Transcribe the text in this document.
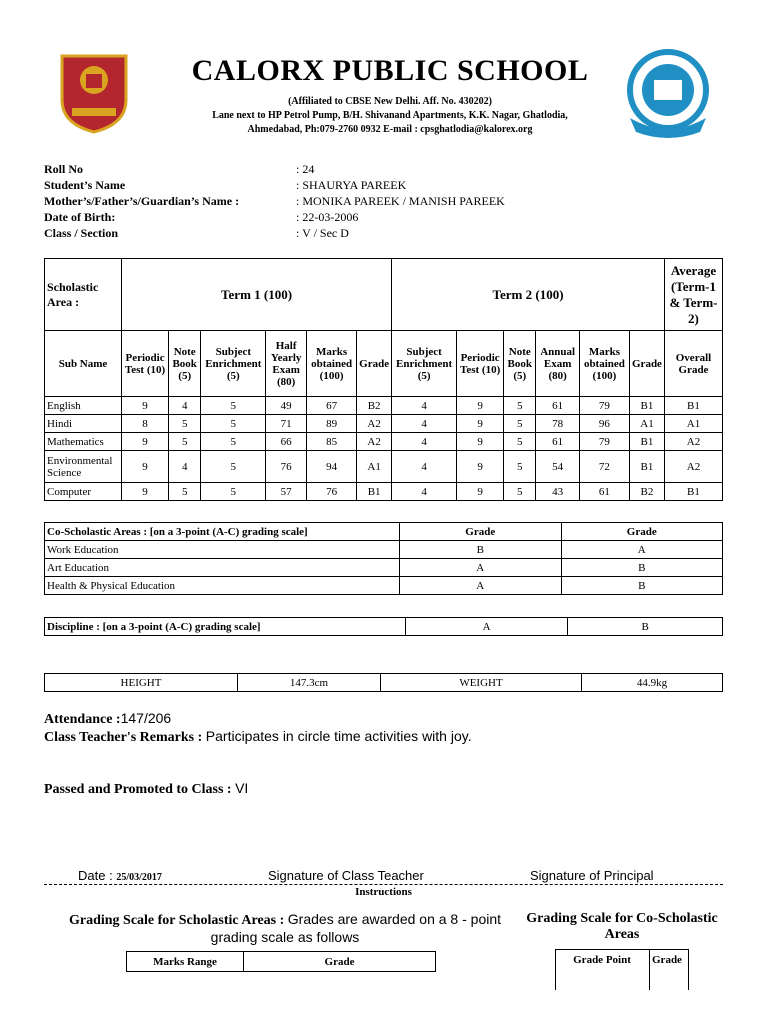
CALORX PUBLIC SCHOOL
(Affiliated to CBSE New Delhi. Aff. No. 430202)
Lane next to HP Petrol Pump, B/H. Shivanand Apartments, K.K. Nagar, Ghatlodia,
Ahmedabad, Ph:079-2760 0932 E-mail : cpsghatlodia@kalorex.org
Roll No	: 24
Student’s Name	: SHAURYA PAREEK
Mother’s/Father’s/Guardian’s Name :	: MONIKA PAREEK / MANISH PAREEK
Date of Birth:	: 22-03-2006
Class / Section	: V / Sec D
Scholastic Area :	Term 1 (100)						Term 2 (100)						Average (Term-1 & Term-2)
Sub Name	Periodic Test (10)	Note Book (5)	Subject Enrichment (5)	Half Yearly Exam (80)	Marks obtained (100)	Grade	Subject Enrichment (5)	Periodic Test (10)	Note Book (5)	Annual Exam (80)	Marks obtained (100)	Grade	Overall Grade
English	9	4	5	49	67	B2	4	9	5	61	79	B1	B1
Hindi	8	5	5	71	89	A2	4	9	5	78	96	A1	A1
Mathematics	9	5	5	66	85	A2	4	9	5	61	79	B1	A2
Environmental Science	9	4	5	76	94	A1	4	9	5	54	72	B1	A2
Computer	9	5	5	57	76	B1	4	9	5	43	61	B2	B1
Co-Scholastic Areas : [on a 3-point (A-C) grading scale]	Grade	Grade
Work Education	B	A
Art Education	A	B
Health & Physical Education	A	B
Discipline : [on a 3-point (A-C) grading scale]	A	B
HEIGHT	147.3cm	WEIGHT	44.9kg
Attendance :147/206
Class Teacher's Remarks : Participates in circle time activities with joy.
Passed and Promoted to Class : VI
Date : 25/03/2017	Signature of Class Teacher	Signature of Principal
Instructions
Grading Scale for Scholastic Areas : Grades are awarded on a 8 - point
grading scale as follows
Grading Scale for Co-Scholastic
Areas
Marks Range	Grade	Grade Point	Grade
